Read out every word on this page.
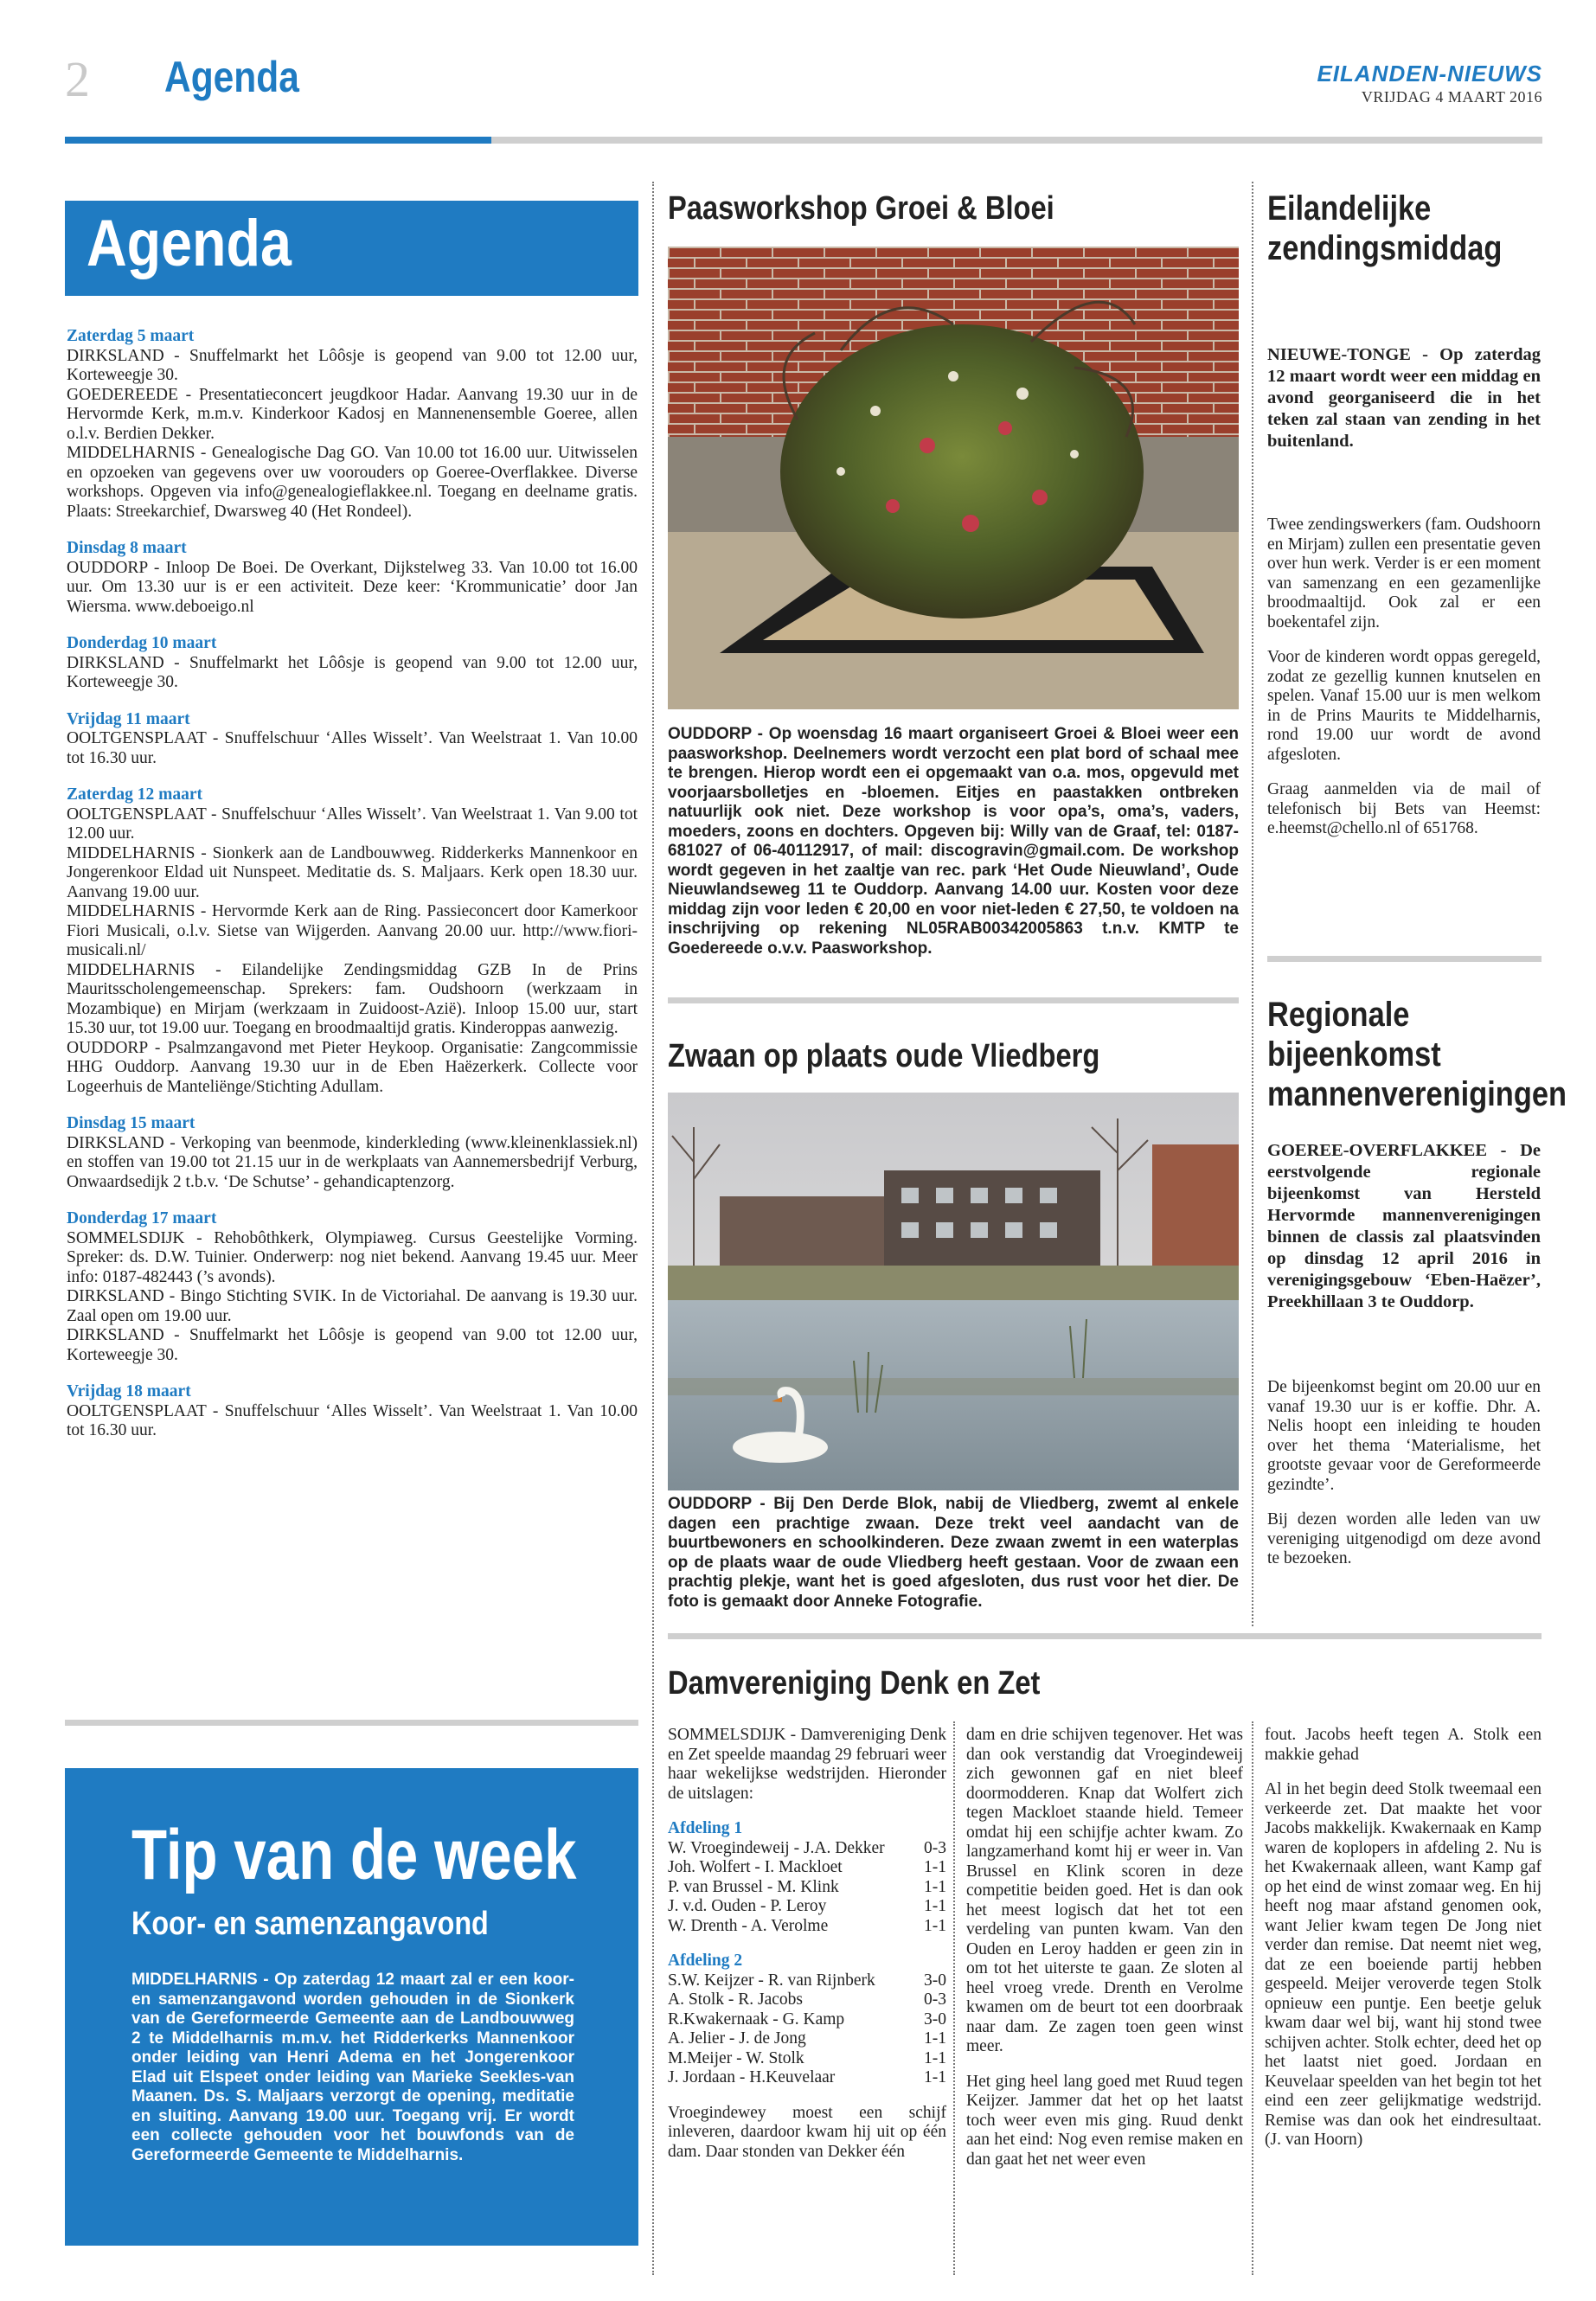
2 Agenda	EILANDEN-NIEUWS
VRIJDAG 4 MAART 2016
Agenda
Zaterdag 5 maart
DIRKSLAND - Snuffelmarkt het Lôôsje is geopend van 9.00 tot 12.00 uur, Korteweegje 30.
GOEDEREEDE - Presentatieconcert jeugdkoor Hadar. Aanvang 19.30 uur in de Hervormde Kerk, m.m.v. Kinderkoor Kadosj en Mannenensemble Goeree, allen o.l.v. Berdien Dekker.
MIDDELHARNIS - Genealogische Dag GO. Van 10.00 tot 16.00 uur. Uitwisselen en opzoeken van gegevens over uw voorouders op Goeree-Overflakkee. Diverse workshops. Opgeven via info@genealogieflakkee.nl. Toegang en deelname gratis. Plaats: Streekarchief, Dwarsweg 40 (Het Rondeel).
Dinsdag 8 maart
OUDDORP - Inloop De Boei. De Overkant, Dijkstelweg 33. Van 10.00 tot 16.00 uur. Om 13.30 uur is er een activiteit. Deze keer: ‘Krommunicatie’ door Jan Wiersma. www.deboeigo.nl
Donderdag 10 maart
DIRKSLAND - Snuffelmarkt het Lôôsje is geopend van 9.00 tot 12.00 uur, Korteweegje 30.
Vrijdag 11 maart
OOLTGENSPLAAT - Snuffelschuur ‘Alles Wisselt’. Van Weelstraat 1. Van 10.00 tot 16.30 uur.
Zaterdag 12 maart
OOLTGENSPLAAT - Snuffelschuur ‘Alles Wisselt’. Van Weelstraat 1. Van 9.00 tot 12.00 uur.
MIDDELHARNIS - Sionkerk aan de Landbouwweg. Ridderkerks Mannenkoor en Jongerenkoor Eldad uit Nunspeet. Meditatie ds. S. Maljaars. Kerk open 18.30 uur. Aanvang 19.00 uur.
MIDDELHARNIS - Hervormde Kerk aan de Ring. Passieconcert door Kamerkoor Fiori Musicali, o.l.v. Sietse van Wijgerden. Aanvang 20.00 uur. http://www.fiori-musicali.nl/
MIDDELHARNIS - Eilandelijke Zendingsmiddag GZB In de Prins Mauritsscholengemeenschap. Sprekers: fam. Oudshoorn (werkzaam in Mozambique) en Mirjam (werkzaam in Zuidoost-Azië). Inloop 15.00 uur, start 15.30 uur, tot 19.00 uur. Toegang en broodmaaltijd gratis. Kinderoppas aanwezig.
OUDDORP - Psalmzangavond met Pieter Heykoop. Organisatie: Zangcommissie HHG Ouddorp. Aanvang 19.30 uur in de Eben Haëzerkerk. Collecte voor Logeerhuis de Manteliënge/Stichting Adullam.
Dinsdag 15 maart
DIRKSLAND - Verkoping van beenmode, kinderkleding (www.kleinenklassiek.nl) en stoffen van 19.00 tot 21.15 uur in de werkplaats van Aannemersbedrijf Verburg, Onwaardsedijk 2 t.b.v. ‘De Schutse’ - gehandicaptenzorg.
Donderdag 17 maart
SOMMELSDIJK - Rehobôthkerk, Olympiaweg. Cursus Geestelijke Vorming. Spreker: ds. D.W. Tuinier. Onderwerp: nog niet bekend. Aanvang 19.45 uur. Meer info: 0187-482443 (’s avonds).
DIRKSLAND - Bingo Stichting SVIK. In de Victoriahal. De aanvang is 19.30 uur. Zaal open om 19.00 uur.
DIRKSLAND - Snuffelmarkt het Lôôsje is geopend van 9.00 tot 12.00 uur, Korteweegje 30.
Vrijdag 18 maart
OOLTGENSPLAAT - Snuffelschuur ‘Alles Wisselt’. Van Weelstraat 1. Van 10.00 tot 16.30 uur.
Tip van de week
Koor- en samenzangavond
MIDDELHARNIS - Op zaterdag 12 maart zal er een koor- en samenzangavond worden gehouden in de Sionkerk van de Gereformeerde Gemeente aan de Landbouwweg 2 te Middelharnis m.m.v. het Ridderkerks Mannenkoor onder leiding van Henri Adema en het Jongerenkoor Elad uit Elspeet onder leiding van Marieke Seekles-van Maanen. Ds. S. Maljaars verzorgt de opening, meditatie en sluiting. Aanvang 19.00 uur. Toegang vrij. Er wordt een collecte gehouden voor het bouwfonds van de Gereformeerde Gemeente te Middelharnis.
Paasworkshop Groei & Bloei
OUDDORP - Op woensdag 16 maart organiseert Groei & Bloei weer een paasworkshop. Deelnemers wordt verzocht een plat bord of schaal mee te brengen. Hierop wordt een ei opgemaakt van o.a. mos, opgevuld met voorjaarsbolletjes en -bloemen. Eitjes en paastakken ontbreken natuurlijk ook niet. Deze workshop is voor opa’s, oma’s, vaders, moeders, zoons en dochters. Opgeven bij: Willy van de Graaf, tel: 0187-681027 of 06-40112917, of mail: discogravin@gmail.com. De workshop wordt gegeven in het zaaltje van rec. park ‘Het Oude Nieuwland’, Oude Nieuwlandseweg 11 te Ouddorp. Aanvang 14.00 uur. Kosten voor deze middag zijn voor leden € 20,00 en voor niet-leden € 27,50, te voldoen na inschrijving op rekening NL05RAB00342005863 t.n.v. KMTP te Goedereede o.v.v. Paasworkshop.
Zwaan op plaats oude Vliedberg
OUDDORP - Bij Den Derde Blok, nabij de Vliedberg, zwemt al enkele dagen een prachtige zwaan. Deze trekt veel aandacht van de buurtbewoners en schoolkinderen. Deze zwaan zwemt in een waterplas op de plaats waar de oude Vliedberg heeft gestaan. Voor de zwaan een prachtig plekje, want het is goed afgesloten, dus rust voor het dier. De foto is gemaakt door Anneke Fotografie.
Damvereniging Denk en Zet
SOMMELSDIJK - Damvereniging Denk en Zet speelde maandag 29 februari weer haar wekelijkse wedstrijden. Hieronder de uitslagen:
Afdeling 1
W. Vroegindeweij - J.A. Dekker 0-3
Joh. Wolfert - I. Mackloet	1-1
P. van Brussel - M. Klink	1-1
J. v.d. Ouden - P. Leroy	1-1
W. Drenth - A. Verolme	1-1
Afdeling 2
S.W. Keijzer - R. van Rijnberk	3-0
A. Stolk - R. Jacobs	0-3
R.Kwakernaak - G. Kamp	3-0
A. Jelier - J. de Jong	1-1
M.Meijer - W. Stolk	1-1
J. Jordaan - H.Keuvelaar	1-1
Vroegindewey moest een schijf inleveren, daardoor kwam hij uit op één dam. Daar stonden van Dekker één
dam en drie schijven tegenover. Het was dan ook verstandig dat Vroegindeweij zich gewonnen gaf en niet bleef doormodderen. Knap dat Wolfert zich tegen Mackloet staande hield. Temeer omdat hij een schijfje achter kwam. Zo langzamerhand komt hij er weer in. Van Brussel en Klink scoren in deze competitie beiden goed. Het is dan ook het meest logisch dat het tot een verdeling van punten kwam. Van den Ouden en Leroy hadden er geen zin in om tot het uiterste te gaan. Ze sloten al heel vroeg vrede. Drenth en Verolme kwamen om de beurt tot een doorbraak naar dam. Ze zagen toen geen winst meer.
Het ging heel lang goed met Ruud tegen Keijzer. Jammer dat het op het laatst toch weer even mis ging. Ruud denkt aan het eind: Nog even remise maken en dan gaat het net weer even
fout. Jacobs heeft tegen A. Stolk een makkie gehad
Al in het begin deed Stolk tweemaal een verkeerde zet. Dat maakte het voor Jacobs makkelijk. Kwakernaak en Kamp waren de koplopers in afdeling 2. Nu is het Kwakernaak alleen, want Kamp gaf op het eind de winst zomaar weg. En hij heeft nog maar afstand genomen ook, want Jelier kwam tegen De Jong niet verder dan remise. Dat neemt niet weg, dat ze een boeiende partij hebben gespeeld. Meijer veroverde tegen Stolk opnieuw een puntje. Een beetje geluk kwam daar wel bij, want hij stond twee schijven achter. Stolk echter, deed het op het laatst niet goed. Jordaan en Keuvelaar speelden van het begin tot het eind een zeer gelijkmatige wedstrijd. Remise was dan ook het eindresultaat. (J. van Hoorn)
Eilandelijke zendingsmiddag
NIEUWE-TONGE - Op zaterdag 12 maart wordt weer een middag en avond georganiseerd die in het teken zal staan van zending in het buitenland.
Twee zendingswerkers (fam. Oudshoorn en Mirjam) zullen een presentatie geven over hun werk. Verder is er een moment van samenzang en een gezamenlijke broodmaaltijd. Ook zal er een boekentafel zijn.
Voor de kinderen wordt oppas geregeld, zodat ze gezellig kunnen knutselen en spelen. Vanaf 15.00 uur is men welkom in de Prins Maurits te Middelharnis, rond 19.00 uur wordt de avond afgesloten.
Graag aanmelden via de mail of telefonisch bij Bets van Heemst: e.heemst@chello.nl of 651768.
Regionale bijeenkomst mannenverenigingen
GOEREE-OVERFLAKKEE - De eerstvolgende regionale bijeenkomst van Hersteld Hervormde mannenverenigingen binnen de classis zal plaatsvinden op dinsdag 12 april 2016 in verenigingsgebouw ‘Eben-Haëzer’, Preekhillaan 3 te Ouddorp.
De bijeenkomst begint om 20.00 uur en vanaf 19.30 uur is er koffie. Dhr. A. Nelis hoopt een inleiding te houden over het thema ‘Materialisme, het grootste gevaar voor de Gereformeerde gezindte’.
Bij dezen worden alle leden van uw vereniging uitgenodigd om deze avond te bezoeken.
